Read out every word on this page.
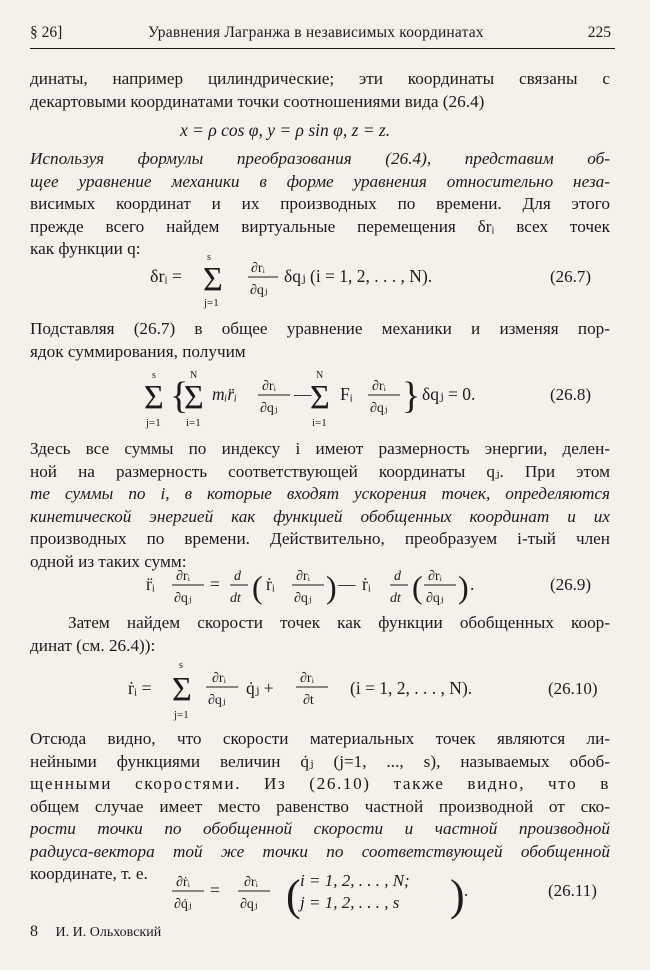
§ 26]	Уравнения Лагранжа в независимых координатах	225
динаты, например цилиндрические; эти координаты связаны с
декартовыми координатами точки соотношениями вида (26.4)
x = ρ cos φ, y = ρ sin φ, z = z.
Используя формулы преобразования (26.4), представим об-
щее уравнение механики в форме уравнения относительно неза-
висимых координат и их производных по времени. Для этого
прежде всего найдем виртуальные перемещения δrᵢ всех точек
как функции q:
δrᵢ =
s
Σ
j=1
∂rᵢ
∂qⱼ
δqⱼ (i = 1, 2, . . . , N).	(26.7)
Подставляя (26.7) в общее уравнение механики и изменяя пор-
ядок суммирования, получим
s
Σ
j=1
{ N
Σ
i=1
mᵢr̈ᵢ ∂rᵢ
∂qⱼ
—
N
Σ
i=1
Fᵢ ∂rᵢ
∂qⱼ } δqⱼ = 0.	(26.8)
Здесь все суммы по индексу i имеют размерность энергии, делен-
ной на размерность соответствующей координаты qⱼ. При этом
те суммы по i, в которые входят ускорения точек, определяются
кинетической энергией как функцией обобщенных координат и их
производных по времени. Действительно, преобразуем i-тый член
одной из таких сумм:
r̈ᵢ ∂rᵢ
∂qⱼ
= d
dt ( ṙᵢ ∂rᵢ
∂qⱼ ) — ṙᵢ d
dt ( ∂rᵢ
∂qⱼ ) .	(26.9)
Затем найдем скорости точек как функции обобщенных коор-
динат (см. 26.4)):
ṙᵢ =
s
Σ
j=1
∂rᵢ
∂qⱼ
q̇ⱼ + ∂rᵢ
∂t
(i = 1, 2, . . . , N).	(26.10)
Отсюда видно, что скорости материальных точек являются ли-
нейными функциями величин q̇ⱼ (j=1, ..., s), называемых обоб-
щенными скоростями. Из (26.10) также видно, что в
общем случае имеет место равенство частной производной от ско-
рости точки по обобщенной скорости и частной производной
радиуса-вектора той же точки по соответствующей обобщенной
координате, т. е.	∂ṙᵢ
∂q̇ⱼ
= ∂rᵢ
∂qⱼ ( i = 1, 2, . . . , N;
j = 1, 2, . . . , s ) .	(26.11)
8 И. И. Ольховский
